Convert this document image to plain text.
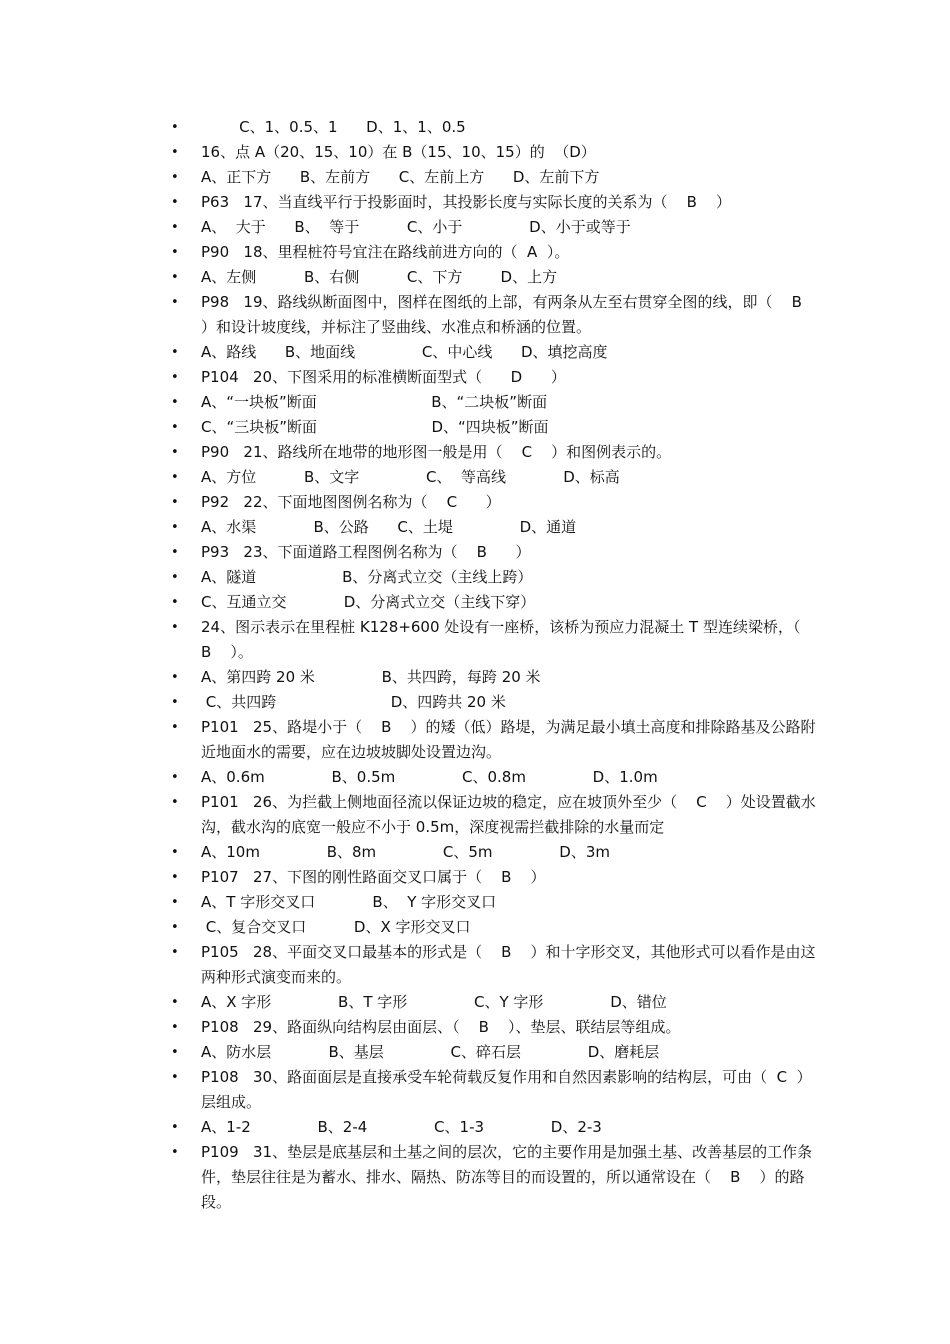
• C、1、0.5、1      D、1、1、0.5
• 16、点 A（20、15、10）在 B（15、10、15）的  （D）
• A、正下方      B、左前方      C、左前上方      D、左前下方
• P63   17、当直线平行于投影面时，其投影长度与实际长度的关系为（    B    ）
• A、  大于      B、  等于          C、小于              D、小于或等于
• P90   18、里程桩符号宜注在路线前进方向的（  A  ）。
• A、左侧          B、右侧          C、下方        D、上方
• P98   19、路线纵断面图中，图样在图纸的上部，有两条从左至右贯穿全图的线，即（    B    ）和设计坡度线，并标注了竖曲线、水准点和桥涵的位置。
• A、路线      B、地面线              C、中心线      D、填挖高度
• P104   20、下图采用的标准横断面型式（      D      ）
• A、“一块板”断面                        B、“二块板”断面
• C、“三块板”断面                        D、“四块板”断面
• P90   21、路线所在地带的地形图一般是用（    C    ）和图例表示的。
• A、方位          B、文字              C、  等高线            D、标高
• P92   22、下面地图图例名称为（    C      ）
• A、水渠            B、公路      C、土堤              D、通道
• P93   23、下面道路工程图例名称为（    B      ）
• A、隧道                  B、分离式立交（主线上跨）
• C、互通立交            D、分离式立交（主线下穿）
• 24、图示表示在里程桩 K128+600 处设有一座桥，该桥为预应力混凝土 T 型连续梁桥，（    B    ）。
• A、第四跨 20 米              B、共四跨，每跨 20 米
• C、共四跨                        D、四跨共 20 米
• P101   25、路堤小于（    B    ）的矮（低）路堤，为满足最小填土高度和排除路基及公路附近地面水的需要，应在边坡坡脚处设置边沟。
• A、0.6m              B、0.5m              C、0.8m              D、1.0m
• P101   26、为拦截上侧地面径流以保证边坡的稳定，应在坡顶外至少（    C    ）处设置截水沟，截水沟的底宽一般应不小于 0.5m，深度视需拦截排除的水量而定
• A、10m              B、8m              C、5m              D、3m
• P107   27、下图的刚性路面交叉口属于（    B    ）
• A、T 字形交叉口            B、  Y 字形交叉口
• C、复合交叉口          D、X 字形交叉口
• P105   28、平面交叉口最基本的形式是（    B    ）和十字形交叉，其他形式可以看作是由这两种形式演变而来的。
• A、X 字形              B、T 字形              C、Y 字形              D、错位
• P108   29、路面纵向结构层由面层、（    B    ）、垫层、联结层等组成。
• A、防水层            B、基层              C、碎石层              D、磨耗层
• P108   30、路面面层是直接承受车轮荷载反复作用和自然因素影响的结构层，可由（  C  ）层组成。
• A、1-2              B、2-4              C、1-3              D、2-3
• P109   31、垫层是底基层和土基之间的层次，它的主要作用是加强土基、改善基层的工作条件，垫层往往是为蓄水、排水、隔热、防冻等目的而设置的，所以通常设在（    B    ）的路段。
